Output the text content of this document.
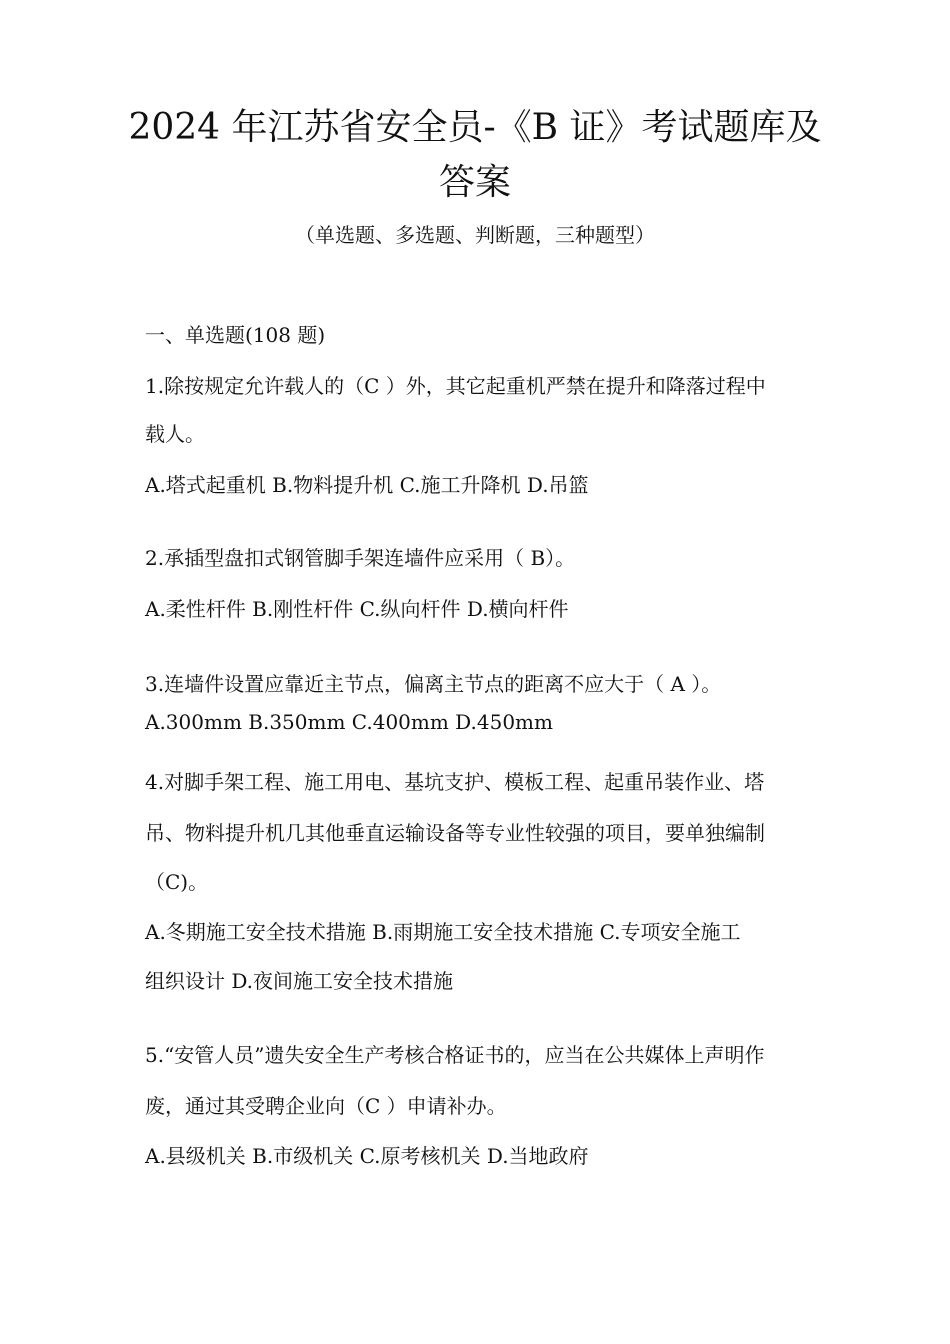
2024 年江苏省安全员-《B 证》考试题库及
答案
（单选题、多选题、判断题，三种题型）
一、单选题(108 题)
1.除按规定允许载人的（C ）外，其它起重机严禁在提升和降落过程中
载人。
A.塔式起重机 B.物料提升机 C.施工升降机 D.吊篮
2.承插型盘扣式钢管脚手架连墙件应采用（ B）。
A.柔性杆件 B.刚性杆件 C.纵向杆件 D.横向杆件
3.连墙件设置应靠近主节点，偏离主节点的距离不应大于（ A ）。
A.300mm B.350mm C.400mm D.450mm
4.对脚手架工程、施工用电、基坑支护、模板工程、起重吊装作业、塔
吊、物料提升机几其他垂直运输设备等专业性较强的项目，要单独编制
（C)。
A.冬期施工安全技术措施 B.雨期施工安全技术措施 C.专项安全施工
组织设计 D.夜间施工安全技术措施
5.“安管人员”遗失安全生产考核合格证书的，应当在公共媒体上声明作
废，通过其受聘企业向（C ）申请补办。
A.县级机关 B.市级机关 C.原考核机关 D.当地政府
